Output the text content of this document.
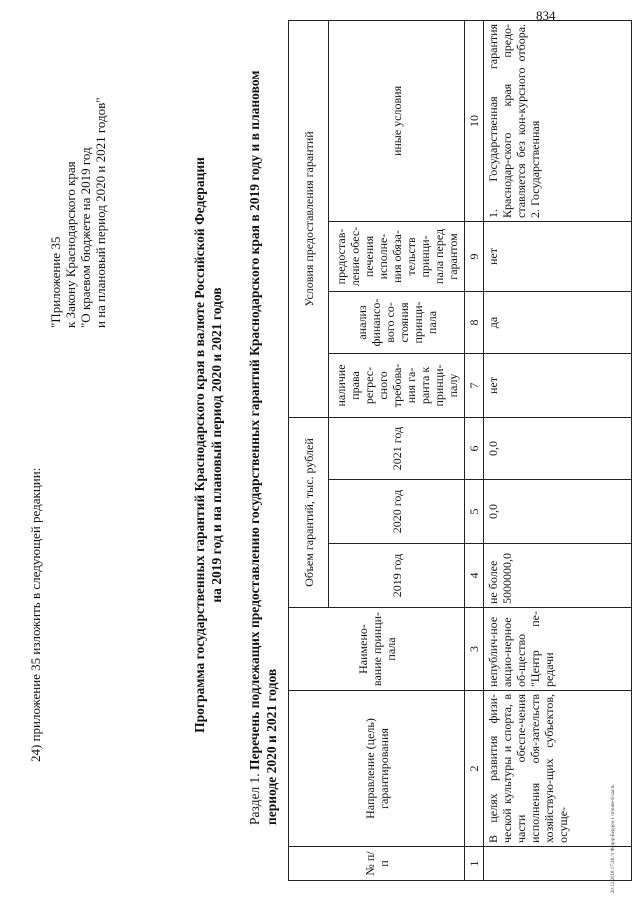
834
20.12.2018 17:26 /1 Фёдор-Бердов-1 чтение-6 часть
24) приложение 35 изложить в следующей редакции:
"Приложение 35 к Закону Краснодарского края "О краевом бюджете на 2019 год и на плановый период 2020 и 2021 годов"	Программа государственных гарантий Краснодарского края в валюте Российской Федерации на 2019 год и на плановый период 2020 и 2021 годов
Раздел 1. Перечень подлежащих предоставлению государственных гарантий Краснодарского края в 2019 году и в плановом периоде 2020 и 2021 годов
№ п/п	Направление (цель) гарантирования	Наимено-вание принци-пала	Объем гарантий, тыс. рублей			Условия предоставления гарантий			
			2019 год	2020 год	2021 год	наличие права регрес-сного требова-ния га-ранта к принци-палу	анализ финансо-вого со-стояния принци-пала	предостав-ление обес-печения исполне-ния обяза-тельств принци-пала перед гарантом	иные условия
1	2	3	4	5	6	7	8	9	10
	В целях развития физи-ческой культуры и спорта, в части обеспе-чения исполнения обя-зательств хозяйствую-щих субъектов, осуще-	непублич-ное акцио-нерное об-щество "Центр пе-редачи	не более 5000000,0	0,0	0,0	нет	да	нет	1. Государственная гарантия Краснодар-ского края предо-ставляется без кон-курсного отбора. 2. Государственная
